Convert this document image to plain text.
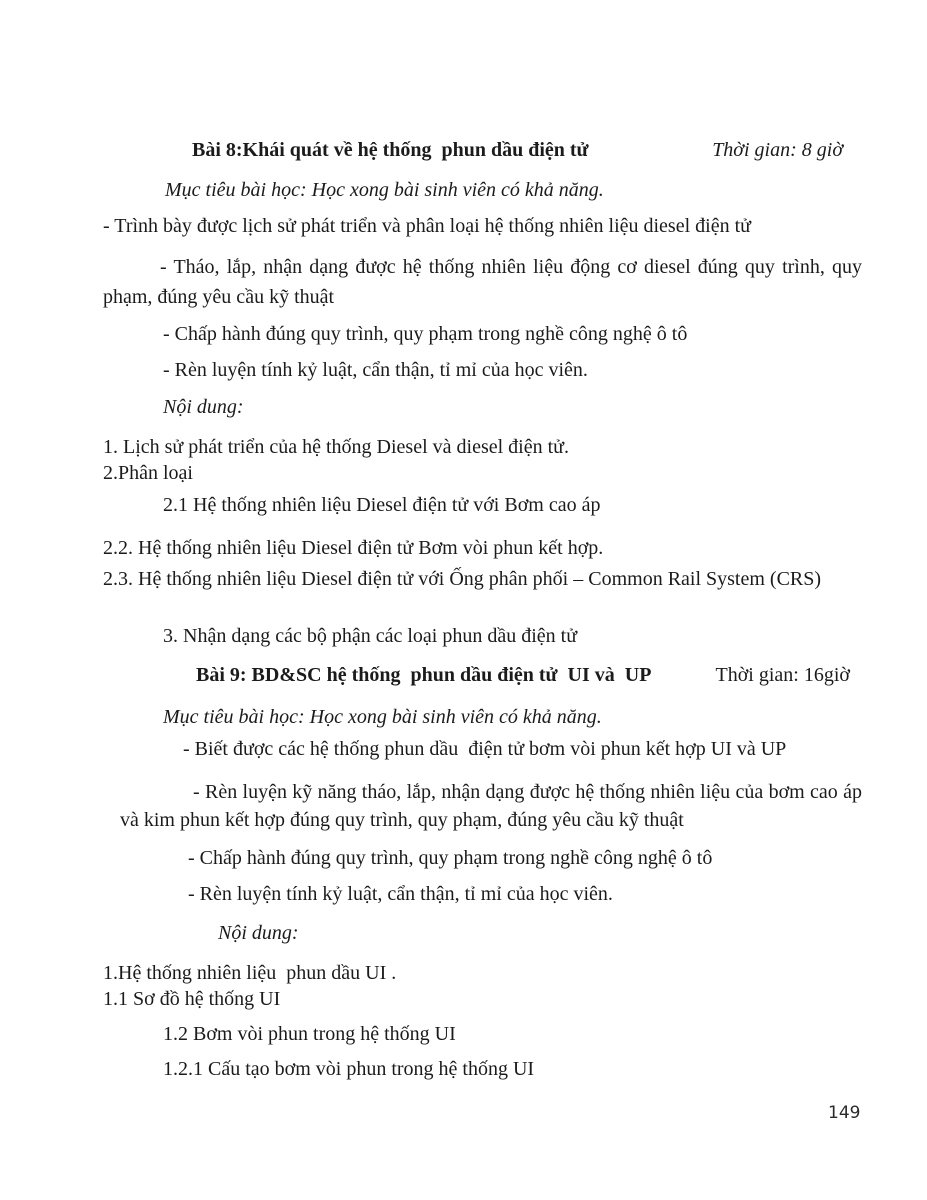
Bài 8:Khái quát về hệ thống  phun dầu điện tử	Thời gian: 8 giờ

Mục tiêu bài học: Học xong bài sinh viên có khả năng.

- Trình bày được lịch sử phát triển và phân loại hệ thống nhiên liệu diesel điện tử

- Tháo, lắp, nhận dạng được hệ thống nhiên liệu động cơ diesel đúng quy trình, quy phạm, đúng yêu cầu kỹ thuật

- Chấp hành đúng quy trình, quy phạm trong nghề công nghệ ô tô

- Rèn luyện tính kỷ luật, cẩn thận, tỉ mỉ của học viên.

Nội dung:

1. Lịch sử phát triển của hệ thống Diesel và diesel điện tử.

2.Phân loại

2.1 Hệ thống nhiên liệu Diesel điện tử với Bơm cao áp

2.2. Hệ thống nhiên liệu Diesel điện tử Bơm vòi phun kết hợp.

2.3. Hệ thống nhiên liệu Diesel điện tử với Ống phân phối – Common Rail System (CRS)

3. Nhận dạng các bộ phận các loại phun dầu điện tử

Bài 9: BD&SC hệ thống  phun dầu điện tử  UI và  UP	Thời gian: 16giờ

Mục tiêu bài học: Học xong bài sinh viên có khả năng.

- Biết được các hệ thống phun dầu  điện tử bơm vòi phun kết hợp UI và UP

- Rèn luyện kỹ năng tháo, lắp, nhận dạng được hệ thống nhiên liệu của bơm cao áp và kim phun kết hợp đúng quy trình, quy phạm, đúng yêu cầu kỹ thuật

- Chấp hành đúng quy trình, quy phạm trong nghề công nghệ ô tô

- Rèn luyện tính kỷ luật, cẩn thận, tỉ mỉ của học viên.

Nội dung:

1.Hệ thống nhiên liệu  phun dầu UI .

1.1 Sơ đồ hệ thống UI

1.2 Bơm vòi phun trong hệ thống UI

1.2.1 Cấu tạo bơm vòi phun trong hệ thống UI

149
